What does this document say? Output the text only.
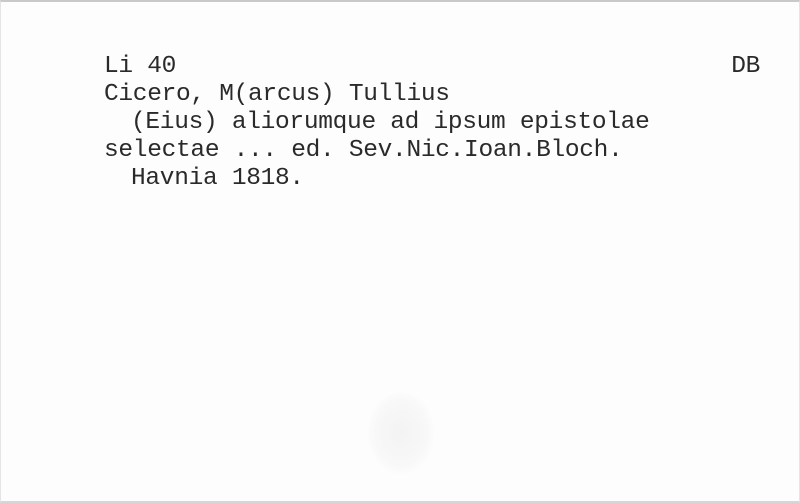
Li 40	DB
Cicero, M(arcus) Tullius
(Eius) aliorumque ad ipsum epistolae
selectae ... ed. Sev.Nic.Ioan.Bloch.
Havnia 1818.
